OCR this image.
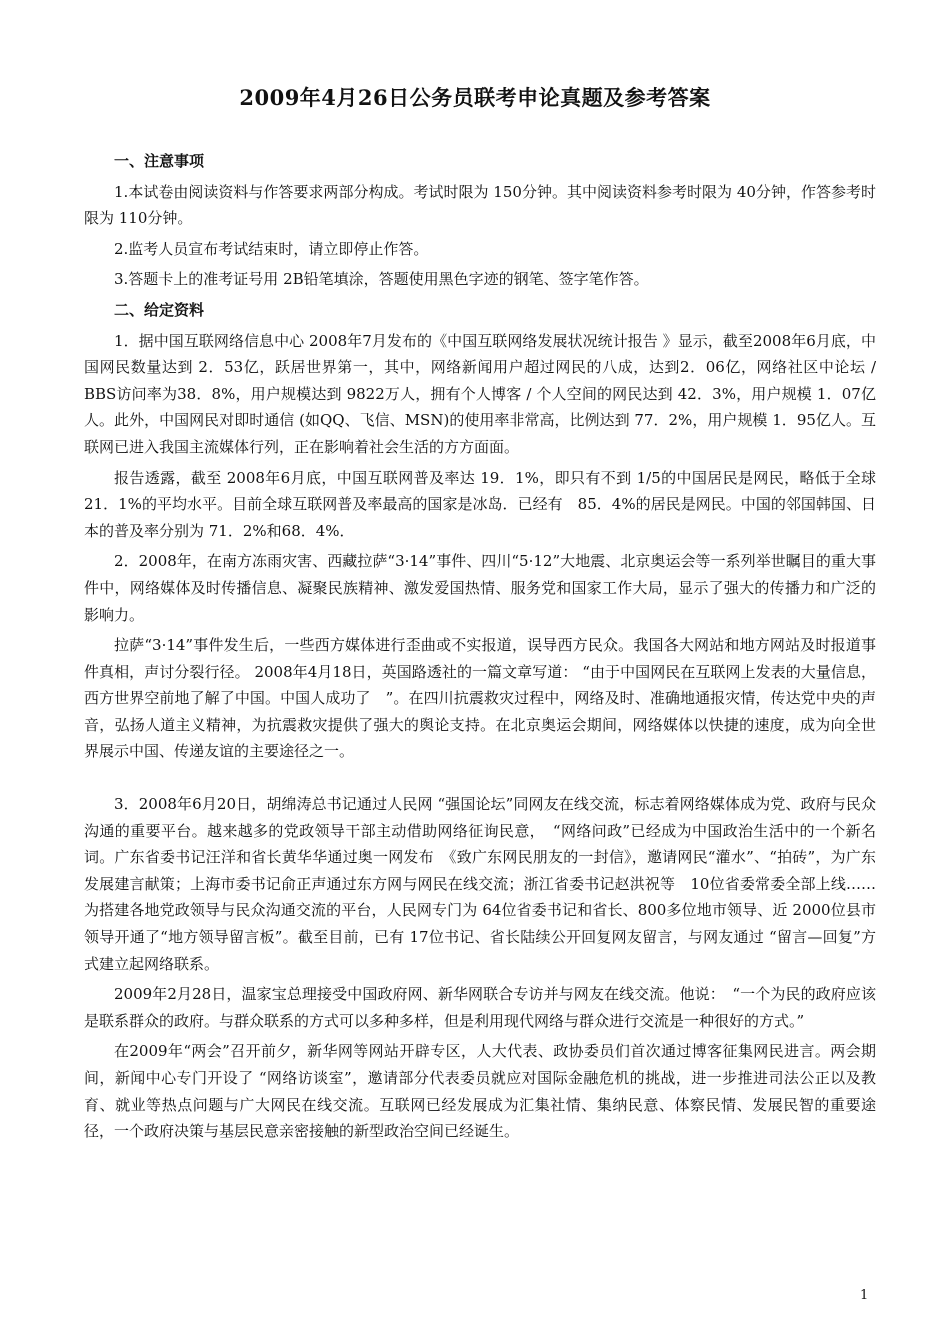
2009年4月26日公务员联考申论真题及参考答案
一、注意事项

1.本试卷由阅读资料与作答要求两部分构成。考试时限为 150分钟。其中阅读资料参考时限为 40分钟，作答参考时限为 110分钟。

2.监考人员宣布考试结束时，请立即停止作答。

3.答题卡上的准考证号用 2B铅笔填涂，答题使用黑色字迹的钢笔、签字笔作答。

二、给定资料

1．据中国互联网络信息中心 2008年7月发布的《中国互联网络发展状况统计报告 》显示，截至2008年6月底，中国网民数量达到 2．53亿，跃居世界第一，其中，网络新闻用户超过网民的八成，达到2．06亿，网络社区中论坛 / BBS访问率为38．8%，用户规模达到 9822万人，拥有个人博客 / 个人空间的网民达到 42．3%，用户规模 1．07亿人。此外，中国网民对即时通信 (如QQ、飞信、MSN)的使用率非常高，比例达到 77．2%，用户规模 1．95亿人。互联网已进入我国主流媒体行列，正在影响着社会生活的方方面面。

报告透露，截至 2008年6月底，中国互联网普及率达 19．1%，即只有不到 1/5的中国居民是网民，略低于全球 21．1%的平均水平。目前全球互联网普及率最高的国家是冰岛．已经有　85．4%的居民是网民。中国的邻国韩国、日本的普及率分别为 71．2%和68．4%．

2．2008年，在南方冻雨灾害、西藏拉萨“3·14”事件、四川“5·12”大地震、北京奥运会等一系列举世瞩目的重大事件中，网络媒体及时传播信息、凝聚民族精神、激发爱国热情、服务党和国家工作大局，显示了强大的传播力和广泛的影响力。

拉萨“3·14”事件发生后，一些西方媒体进行歪曲或不实报道，误导西方民众。我国各大网站和地方网站及时报道事件真相，声讨分裂行径。 2008年4月18日，英国路透社的一篇文章写道： “由于中国网民在互联网上发表的大量信息，西方世界空前地了解了中国。中国人成功了　”。在四川抗震救灾过程中，网络及时、准确地通报灾情，传达党中央的声音，弘扬人道主义精神，为抗震救灾提供了强大的舆论支持。在北京奥运会期间，网络媒体以快捷的速度，成为向全世界展示中国、传递友谊的主要途径之一。

3．2008年6月20日，胡绵涛总书记通过人民网 “强国论坛”同网友在线交流，标志着网络媒体成为党、政府与民众沟通的重要平台。越来越多的党政领导干部主动借助网络征询民意，　“网络问政”已经成为中国政治生活中的一个新名词。广东省委书记汪洋和省长黄华华通过奥一网发布　《致广东网民朋友的一封信》，邀请网民“灌水”、“拍砖”，为广东发展建言献策；上海市委书记俞正声通过东方网与网民在线交流；浙江省委书记赵洪祝等　10位省委常委全部上线……为搭建各地党政领导与民众沟通交流的平台，人民网专门为 64位省委书记和省长、800多位地市领导、近 2000位县市领导开通了“地方领导留言板”。截至目前，已有 17位书记、省长陆续公开回复网友留言，与网友通过 “留言—回复”方式建立起网络联系。

2009年2月28日，温家宝总理接受中国政府网、新华网联合专访并与网友在线交流。他说：　“一个为民的政府应该是联系群众的政府。与群众联系的方式可以多种多样，但是利用现代网络与群众进行交流是一种很好的方式。”

在2009年“两会”召开前夕，新华网等网站开辟专区，人大代表、政协委员们首次通过博客征集网民进言。两会期间，新闻中心专门开设了 “网络访谈室”，邀请部分代表委员就应对国际金融危机的挑战，进一步推进司法公正以及教育、就业等热点问题与广大网民在线交流。互联网已经发展成为汇集社情、集纳民意、体察民情、发展民智的重要途径，一个政府决策与基层民意亲密接触的新型政治空间已经诞生。

1
